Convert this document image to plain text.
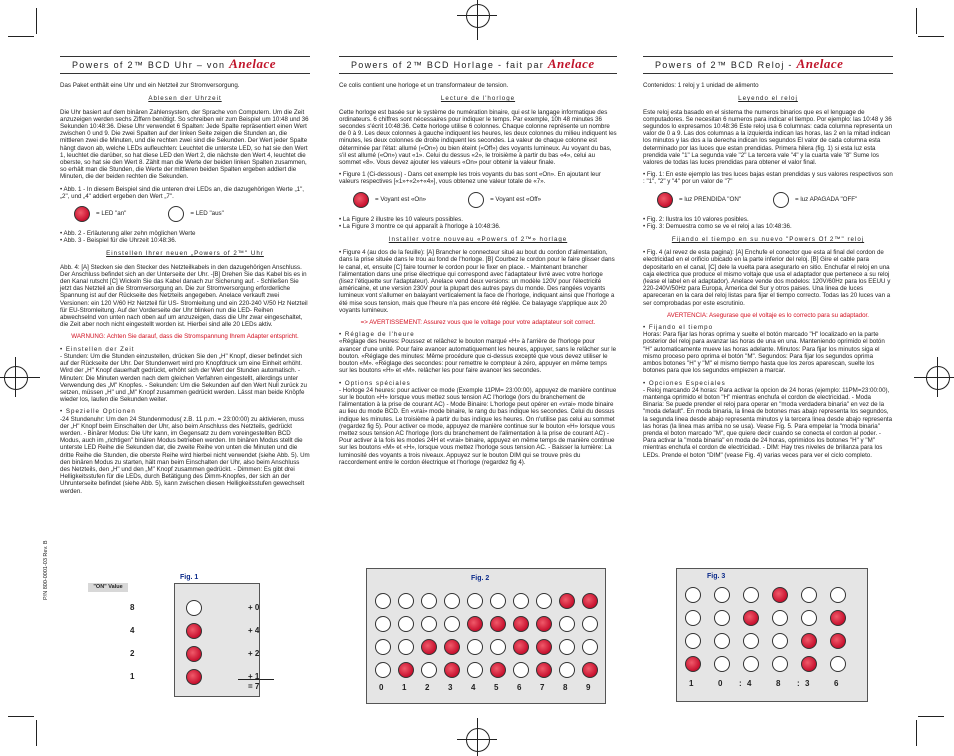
Powers of 2™ BCD Uhr – von Anelace

Das Paket enthält eine Uhr und ein Netzteil zur Stromversorgung.

Ablesen der Uhrzeit

Die Uhr basiert auf dem binären Zahlensystem, der Sprache von Computern. Um die Zeit anzuzeigen werden sechs Ziffern benötigt. So schreiben wir zum Beispiel um 10:48 und 36 Sekunden 10:48:36. Diese Uhr verwendet 6 Spalten: Jede Spalte repräsentiert einen Wert zwischen 0 und 9. Die zwei Spalten auf der linken Seite zeigen die Stunden an, die mittleren zwei die Minuten, und die rechten zwei sind die Sekunden. Der Wert jeder Spalte hängt davon ab, welche LEDs aufleuchten: Leuchtet die unterste LED, so hat sie den Wert 1, leuchtet die darüber, so hat diese LED den Wert 2, die nächste den Wert 4, leuchtet die oberste, so hat sie den Wert 8. Zählt man die Werte der beiden linken Spalten zusammen, so erhält man die Stunden, die Werte der mittleren beiden Spalten ergeben addiert die Minuten, die der beiden rechten die Sekunden.

• Abb. 1 - In diesem Beispiel sind die unteren drei LEDs an, die dazugehörigen Werte „1", „2", und „4" addiert ergeben den Wert „7".

= LED "an"	= LED "aus"

• Abb. 2 - Erläuterung aller zehn möglichen Werte

• Abb. 3 - Beispiel für die Uhrzeit 10:48:36.

Einstellen Ihrer neuen „Powers of 2™" Uhr

Abb. 4: [A] Stecken sie den Stecker des Netzteilkabels in den dazugehörigen Anschluss. Der Anschluss befindet sich an der Unterseite der Uhr. -[B] Drehen Sie das Kabel bis es in den Kanal rutscht [C] Wickeln Sie das Kabel danach zur Sicherung auf. - Schließen Sie jetzt das Netzteil an die Stromversorgung an. Die zur Stromversorgung erforderliche Spannung ist auf der Rückseite des Netzteils angegeben. Anelace verkauft zwei Versionen: ein 120 V/60 Hz Netzteil für US- Stromleitung und ein 220-240 V/50 Hz Netzteil für EU-Stromleitung. Auf der Vorderseite der Uhr blinken nun die LED- Reihen abwechselnd von unten nach oben auf um anzuzeigen, dass die Uhr zwar eingeschaltet, die Zeit aber noch nicht eingestellt worden ist. Hierbei sind alle 20 LEDs aktiv.

WARNUNG: Achten Sie darauf, dass die Stromspannung Ihrem Adapter entspricht.

• Einstellen der Zeit

- Stunden: Um die Stunden einzustellen, drücken Sie den „H" Knopf, dieser befindet sich auf der Rückseite der Uhr. Der Stundenwert wird pro Knopfdruck um eine Einheit erhöht. Wird der „H" Knopf dauerhaft gedrückt, erhöht sich der Wert der Stunden automatisch. - Minuten: Die Minuten werden nach dem gleichen Verfahren eingestellt, allerdings unter Verwendung des „M" Knopfes. - Sekunden: Um die Sekunden auf den Wert Null zurück zu setzen, müssen „H" und „M" Knopf zusammen gedrückt werden. Lässt man beide Knöpfe wieder los, laufen die Sekunden weiter.

• Spezielle Optionen

-24 Stundenuhr: Um den 24 Stundenmodus( z.B. 11 p.m. = 23:00:00) zu aktivieren, muss der „H" Knopf beim Einschalten der Uhr, also beim Anschluss des Netzteils, gedrückt werden. - Binärer Modus: Die Uhr kann, im Gegensatz zu dem voreingestellten BCD Modus, auch im „richtigen" binären Modus betrieben werden. Im binären Modus stellt die unterste LED Reihe die Sekunden dar, die zweite Reihe von unten die Minuten und die dritte Reihe die Stunden, die oberste Reihe wird hierbei nicht verwendet (siehe Abb. 5). Um den binären Modus zu starten, hält man beim Einschalten der Uhr, also beim Anschluss des Netzteils, den „H" und den „M" Knopf zusammen gedrückt. - Dimmen: Es gibt drei Helligkeitsstufen für die LEDs, durch Betätigung des Dimm-Knopfes, der sich an der Uhrunterseite befindet (siehe Abb. 5), kann zwischen diesen Helligkeitsstufen gewechselt werden.

Powers of 2™ BCD Horlage - fait par Anelace

Ce colis contient une horloge et un transformateur de tension.

Lecture de l'horloge

Cette horloge est basée sur le système de numération binaire, qui est le langage informatique des ordinateurs. 6 chiffres sont nécessaires pour indiquer le temps. Par exemple, 10h 48 minutes 36 secondes s'écrit 10:48:36. Cette horloge utilise 6 colonnes. Chaque colonne représente un nombre de 0 à 9. Les deux colonnes à gauche indiquent les heures, les deux colonnes du milieu indiquent les minutes, les deux colonnes de droite indiquent les secondes. La valeur de chaque colonne est déterminée par l'état: allumé («On») ou bien éteint («Off») des voyants lumineux. Au voyant du bas, s'il est allumé («On») vaut «1». Celui du dessus «2», le troisième à partir du bas «4», celui au sommet «8». Vous devez ajouter les valeurs «On» pour obtenir la valeur finale.

• Figure 1 (Ci-dessous) - Dans cet exemple les trois voyants du bas sont «On». En ajoutant leur valeurs respectives [«1»+«2»+«4»], vous obtenez une valeur totale de «7».

= Voyant est «On»	= Voyant est «Off»

• La Figure 2 illustre les 10 valeurs possibles.

• La Figure 3 montre ce qui apparaît à l'horloge à 10:48:36.

Installer votre nouveau «Powers of 2™» horlage

• Figure 4 (au dos de la feuille): [A] Brancher le connecteur situé au bout du cordon d'alimentation, dans la prise située dans le trou au fond de l'horloge. [B] Courbez le cordon pour le faire glisser dans le canal, et, ensuite [C] faire tourner le cordon pour le fixer en place. - Maintenant brancher l'alimentation dans une prise électrique qui correspond avec l'adaptateur livré avec votre horloge (lisez l'étiquette sur l'adaptateur). Anelace vend deux versions: un modèle 120V pour l'électricité américaine, et une version 230V pour la plupart des autres pays du monde. Des rangées voyants lumineux vont s'allumer en balayant verticalement la face de l'horloge, indiquant ainsi que l'horloge a été mise sous tension, mais que l'heure n'a pas encore été réglée. Ce balayage s'applique aux 20 voyants lumineux.

=> AVERTISSEMENT: Assurez vous que le voltage pour votre adaptateur soit correct.

• Réglage de l'heure

«Réglage des heures: Poussez et relâchez le bouton marqué «H» à l'arrière de l'horloge pour avancer d'une unité. Pour faire avancer automatiquement les heures, appuyer, sans le relâcher sur le bouton. «Réglage des minutes: Même procédure que ci-dessus excepté que vous devez utiliser le bouton «M». «Réglage des secondes: pour remettre le compteur à zéro, appuyer en même temps sur les boutons «H» et «M». relâcher les pour faire avancer les secondes.

• Options spéciales

- Horloge 24 heures: pour activer ce mode (Exemple 11PM= 23:00:00), appuyez de manière continue sur le bouton «H» lorsque vous mettez sous tension AC l'horloge (lors du branchement de l'alimentation à la prise de courant AC) - Mode Binaire: L'horloge peut opérer en «vrai» mode binaire au lieu du mode BCD. En «vrai» mode binaire, le rang du bas indique les secondes. Celui du dessus indique les minutes. Le troisième à partir du bas indique les heures. On n'utilise pas celui au sommet (regardez fig 5). Pour activer ce mode, appuyez de manière continue sur le bouton «H» lorsque vous mettez sous tension AC l'horloge (lors du branchement de l'alimentation à la prise de courant AC) - Pour activer à la fois les modes 24H et «vrai» binaire, appuyez en même temps de manière continue sur les boutons «M» et «H», lorsque vous mettez l'horloge sous tension AC. - Baisser la lumière: La luminosité des voyants a trois niveaux. Appuyez sur le bouton DIM qui se trouve près du raccordement entre le cordon électrique et l'horloge (regardez fig 4).

Powers of 2™ BCD Reloj - Anelace

Contenidos: 1 reloj y 1 unidad de alimento

Leyendo el reloj

Este reloj esta basado en el sistema the numeros binarios que es el lenguage de computadores. Se necesitan 6 numeros para indicar el tiempo. Por ejemplo: las 10:48 y 36 segundos lo expresamos 10:48:36 Este reloj usa 6 columnas: cada columna representa un valor de 0 a 9. Las dos columnas a la izquierda indican las horas, las 2 en la mitad indican los minutos y las dos a la derecha indican los segundos El valor de cada columna esta determinado por las luces que estan prendidas. Primera hilera (fig. 1) si esta luz esta prendida vale "1" La segunda vale "2" La tercera vale "4" y la cuarta vale "8" Sume los valores de todas las luces prendidas para obtener el valor final.

• Fig. 1: En este ejemplo las tres luces bajas estan prendidas y sus valores respectivos son : "1", "2" y "4" por un valor de "7"

= luz PRENDIDA "ON"	= luz APAGADA "OFF"

• Fig. 2: Ilustra los 10 valores posibles.

• Fig. 3: Demuestra como se ve el reloj a las 10:48:36.

Fijando el tiempo en su nuevo "Powers Of 2™" reloj

• Fig. 4 (al revez de esta pagina): [A] Enchufe el conector que esta al final del cordon de electricidad en el orificio ubicado en la parte inferior del reloj. [B] Gire el cable para depositarlo en el canal, [C] dele la vuelta para asegurarlo en sitio. Enchufar el reloj en una caja electrica que produce el mismo voltaje que usa el adaptador que pertenece a su reloj (lease el label en el adaptador). Anelace vende dos modelos: 120V/60Hz para los EEUU y 220-240V/50Hz para Europa, America del Sur y otros paises. Una linea de luces apareceran en la cara del reloj listas para fijar el tiempo correcto. Todas las 20 luces van a ser comprobadas por este escrutinio.

AVERTENCIA: Asegurase que el voltaje es lo correcto para su adaptador.

• Fijando el tiempo

Horas: Para fijar las horas oprima y suelte el botón marcado "H" localizado en la parte posterior del reloj para avanzar las horas de una en una. Manteniendo oprimido el botón "H" automaticamente mueve las horas adelante. Minutos: Para fijar los minutos siga el mismo proceso pero oprima el botón "M". Segundos: Para fijar los segundos oprima ambos botones "H" y "M" el mismo tiempo hasta que los zeros aparescan, suelte los botones para que los segundos empiezen a marcar.

• Opciones Especiales

- Reloj marcando 24 horas: Para activar la opcion de 24 horas (ejemplo: 11PM=23:00:00), mantenga oprimido el boton "H" mientras enchufa el cordon de electricidad. - Moda Binaria: Se puede prender el reloj para operar en "moda verdadera binaria" en vez de la "moda default". En moda binaria, la linea de botones mas abajo representa los segundos, la segunda linea desde abajo representa minutos y la tercera linea desde abajo representa las horas (la linea mas arriba no se usa). Vease Fig. 5. Para empelar la "moda binaria" prenda el boton marcado "M", que quiere decir cuando se conecta el cordon al poder. - Para activar la "moda binaria" en moda de 24 horas, oprimidos los botones "H" y "M" mientras enchufa el cordon de electricidad. - DIM: Hay tres niveles de brillanza para los LEDs. Prende el boton "DIM" (vease Fig. 4) varias veces para ver el ciclo completo.

P/N 800-0001-03 Rev. B	Fig. 1
"ON" Value
8	+ 0
4	+ 4
2	+ 2
1	+ 1
= 7
Fig. 2
0 1 2 3 4 5 6 7 8 9
Fig. 3
1	0 : 4	8 : 3	6
